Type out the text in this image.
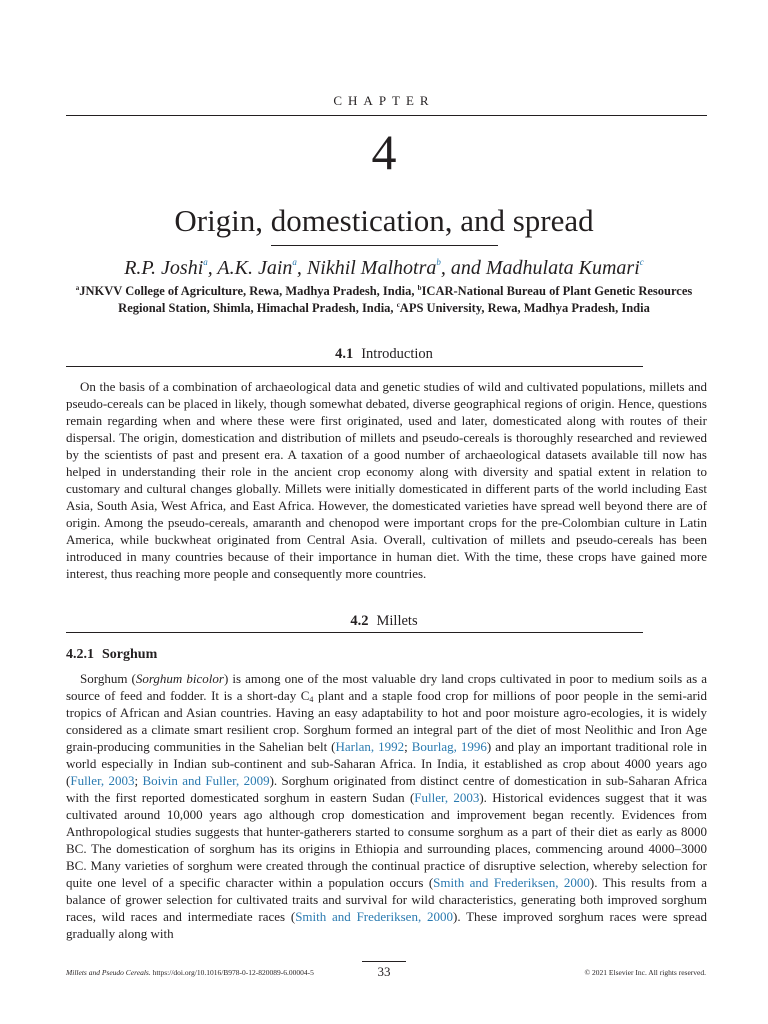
CHAPTER
4
Origin, domestication, and spread
R.P. Joshi$^a$, A.K. Jain$^a$, Nikhil Malhotra$^b$, and Madhulata Kumari$^c$
$^a$JNKVV College of Agriculture, Rewa, Madhya Pradesh, India, $^b$ICAR-National Bureau of Plant Genetic Resources Regional Station, Shimla, Himachal Pradesh, India, $^c$APS University, Rewa, Madhya Pradesh, India
4.1 Introduction

On the basis of a combination of archaeological data and genetic studies of wild and cultivated populations, millets and pseudo-cereals can be placed in likely, though somewhat debated, diverse geographical regions of origin. Hence, questions remain regarding when and where these were first originated, used and later, domesticated along with routes of their dispersal. The origin, domestication and distribution of millets and pseudo-cereals is thoroughly researched and reviewed by the scientists of past and present era. A taxation of a good number of archaeological datasets available till now has helped in understanding their role in the ancient crop economy along with diversity and spatial extent in relation to customary and cultural changes globally. Millets were initially domesticated in different parts of the world including East Asia, South Asia, West Africa, and East Africa. However, the domesticated varieties have spread well beyond there are of origin. Among the pseudo-cereals, amaranth and chenopod were important crops for the pre-Colombian culture in Latin America, while buckwheat originated from Central Asia. Overall, cultivation of millets and pseudo-cereals has been introduced in many countries because of their importance in human diet. With the time, these crops have gained more interest, thus reaching more people and consequently more countries.

4.2 Millets
4.2.1 Sorghum

Sorghum (Sorghum bicolor) is among one of the most valuable dry land crops cultivated in poor to medium soils as a source of feed and fodder. It is a short-day C4 plant and a staple food crop for millions of poor people in the semi-arid tropics of African and Asian countries. Having an easy adaptability to hot and poor moisture agro-ecologies, it is widely considered as a climate smart resilient crop. Sorghum formed an integral part of the diet of most Neolithic and Iron Age grain-producing communities in the Sahelian belt (Harlan, 1992; Bourlag, 1996) and play an important traditional role in world especially in Indian sub-continent and sub-Saharan Africa. In India, it established as crop about 4000 years ago (Fuller, 2003; Boivin and Fuller, 2009). Sorghum originated from distinct centre of domestication in sub-Saharan Africa with the first reported domesticated sorghum in eastern Sudan (Fuller, 2003). Historical evidences suggest that it was cultivated around 10,000 years ago although crop domestication and improvement began recently. Evidences from Anthropological studies suggests that hunter-gatherers started to consume sorghum as a part of their diet as early as 8000 BC. The domestication of sorghum has its origins in Ethiopia and surrounding places, commencing around 4000–3000 BC. Many varieties of sorghum were created through the continual practice of disruptive selection, whereby selection for quite one level of a specific character within a population occurs (Smith and Frederiksen, 2000). This results from a balance of grower selection for cultivated traits and survival for wild characteristics, generating both improved sorghum races, wild races and intermediate races (Smith and Frederiksen, 2000). These improved sorghum races were spread gradually along with

Millets and Pseudo Cereals. https://doi.org/10.1016/B978-0-12-820089-6.00004-5	33	© 2021 Elsevier Inc. All rights reserved.
